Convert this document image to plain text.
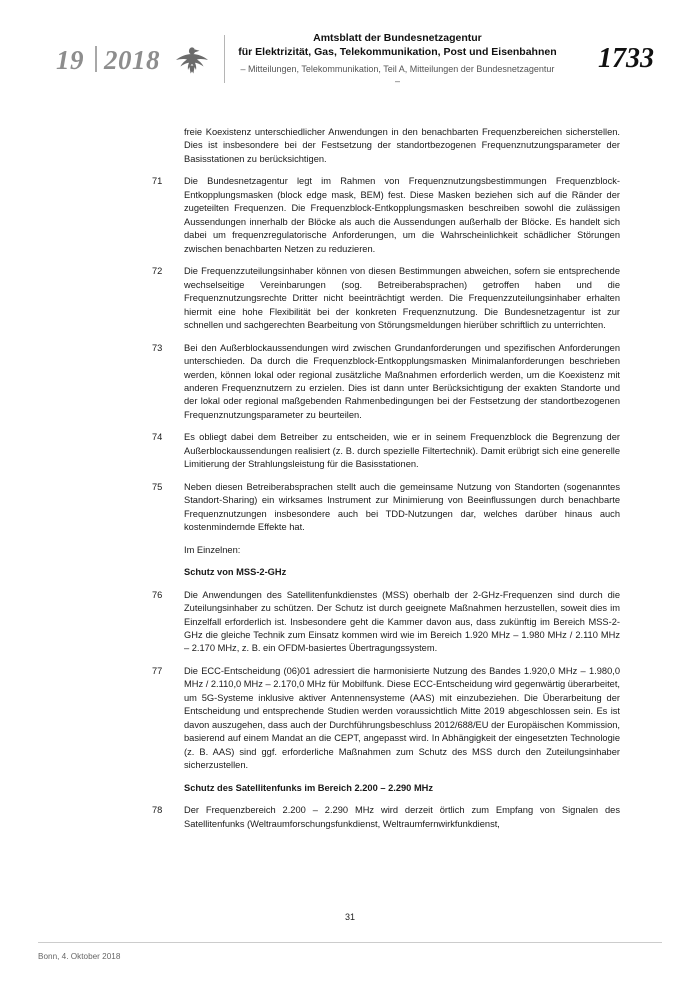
19 2018
Amtsblatt der Bundesnetzagentur
für Elektrizität, Gas, Telekommunikation, Post und Eisenbahnen
– Mitteilungen, Telekommunikation, Teil A, Mitteilungen der Bundesnetzagentur –
1733
freie Koexistenz unterschiedlicher Anwendungen in den benachbarten Frequenzbereichen sicherstellen. Dies ist insbesondere bei der Festsetzung der standortbezogenen Frequenznutzungsparameter der Basisstationen zu berücksichtigen.
71	Die Bundesnetzagentur legt im Rahmen von Frequenznutzungsbestimmungen Frequenzblock-Entkopplungsmasken (block edge mask, BEM) fest. Diese Masken beziehen sich auf die Ränder der zugeteilten Frequenzen. Die Frequenzblock-Entkopplungsmasken beschreiben sowohl die zulässigen Aussendungen innerhalb der Blöcke als auch die Aussendungen außerhalb der Blöcke. Es handelt sich dabei um frequenzregulatorische Anforderungen, um die Wahrscheinlichkeit schädlicher Störungen zwischen benachbarten Netzen zu reduzieren.
72	Die Frequenzzuteilungsinhaber können von diesen Bestimmungen abweichen, sofern sie entsprechende wechselseitige Vereinbarungen (sog. Betreiberabsprachen) getroffen haben und die Frequenznutzungsrechte Dritter nicht beeinträchtigt werden. Die Frequenzzuteilungsinhaber erhalten hiermit eine hohe Flexibilität bei der konkreten Frequenznutzung. Die Bundesnetzagentur ist zur schnellen und sachgerechten Bearbeitung von Störungsmeldungen hierüber schriftlich zu unterrichten.
73	Bei den Außerblockaussendungen wird zwischen Grundanforderungen und spezifischen Anforderungen unterschieden. Da durch die Frequenzblock-Entkopplungsmasken Minimalanforderungen beschrieben werden, können lokal oder regional zusätzliche Maßnahmen erforderlich werden, um die Koexistenz mit anderen Frequenznutzern zu erzielen. Dies ist dann unter Berücksichtigung der exakten Standorte und der lokal oder regional maßgebenden Rahmenbedingungen bei der Festsetzung der standortbezogenen Frequenznutzungsparameter zu beurteilen.
74	Es obliegt dabei dem Betreiber zu entscheiden, wie er in seinem Frequenzblock die Begrenzung der Außerblockaussendungen realisiert (z. B. durch spezielle Filtertechnik). Damit erübrigt sich eine generelle Limitierung der Strahlungsleistung für die Basisstationen.
75	Neben diesen Betreiberabsprachen stellt auch die gemeinsame Nutzung von Standorten (sogenanntes Standort-Sharing) ein wirksames Instrument zur Minimierung von Beeinflussungen durch benachbarte Frequenznutzungen insbesondere auch bei TDD-Nutzungen dar, welches darüber hinaus auch kostenmindernde Effekte hat.
Im Einzelnen:
Schutz von MSS-2-GHz
76	Die Anwendungen des Satellitenfunkdienstes (MSS) oberhalb der 2-GHz-Frequenzen sind durch die Zuteilungsinhaber zu schützen. Der Schutz ist durch geeignete Maßnahmen herzustellen, soweit dies im Einzelfall erforderlich ist. Insbesondere geht die Kammer davon aus, dass zukünftig im Bereich MSS-2-GHz die gleiche Technik zum Einsatz kommen wird wie im Bereich 1.920 MHz – 1.980 MHz / 2.110 MHz – 2.170 MHz, z. B. ein OFDM-basiertes Übertragungssystem.
77	Die ECC-Entscheidung (06)01 adressiert die harmonisierte Nutzung des Bandes 1.920,0 MHz – 1.980,0 MHz / 2.110,0 MHz – 2.170,0 MHz für Mobilfunk. Diese ECC-Entscheidung wird gegenwärtig überarbeitet, um 5G-Systeme inklusive aktiver Antennensysteme (AAS) mit einzubeziehen. Die Überarbeitung der Entscheidung und entsprechende Studien werden voraussichtlich Mitte 2019 abgeschlossen sein. Es ist davon auszugehen, dass auch der Durchführungsbeschluss 2012/688/EU der Europäischen Kommission, basierend auf einem Mandat an die CEPT, angepasst wird. In Abhängigkeit der eingesetzten Technologie (z. B. AAS) sind ggf. erforderliche Maßnahmen zum Schutz des MSS durch den Zuteilungsinhaber sicherzustellen.
Schutz des Satellitenfunks im Bereich 2.200 – 2.290 MHz
78	Der Frequenzbereich 2.200 – 2.290 MHz wird derzeit örtlich zum Empfang von Signalen des Satellitenfunks (Weltraumforschungsfunkdienst, Weltraumfernwirkfunkdienst,
31
Bonn, 4. Oktober 2018
